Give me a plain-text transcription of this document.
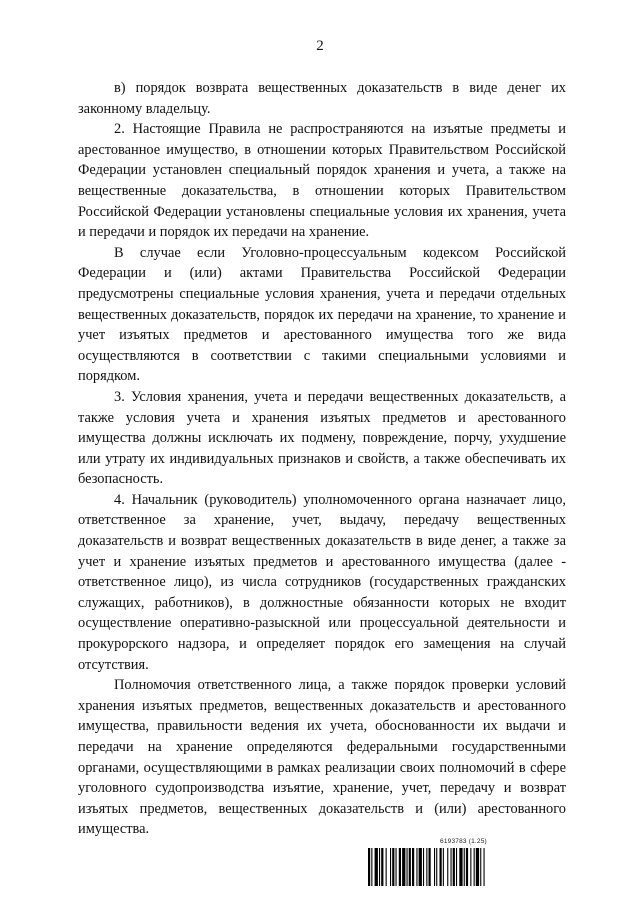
2

в) порядок возврата вещественных доказательств в виде денег их законному владельцу.

2. Настоящие Правила не распространяются на изъятые предметы и арестованное имущество, в отношении которых Правительством Российской Федерации установлен специальный порядок хранения и учета, а также на вещественные доказательства, в отношении которых Правительством Российской Федерации установлены специальные условия их хранения, учета и передачи и порядок их передачи на хранение.

В случае если Уголовно-процессуальным кодексом Российской Федерации и (или) актами Правительства Российской Федерации предусмотрены специальные условия хранения, учета и передачи отдельных вещественных доказательств, порядок их передачи на хранение, то хранение и учет изъятых предметов и арестованного имущества того же вида осуществляются в соответствии с такими специальными условиями и порядком.

3. Условия хранения, учета и передачи вещественных доказательств, а также условия учета и хранения изъятых предметов и арестованного имущества должны исключать их подмену, повреждение, порчу, ухудшение или утрату их индивидуальных признаков и свойств, а также обеспечивать их безопасность.

4. Начальник (руководитель) уполномоченного органа назначает лицо, ответственное за хранение, учет, выдачу, передачу вещественных доказательств и возврат вещественных доказательств в виде денег, а также за учет и хранение изъятых предметов и арестованного имущества (далее - ответственное лицо), из числа сотрудников (государственных гражданских служащих, работников), в должностные обязанности которых не входит осуществление оперативно-разыскной или процессуальной деятельности и прокурорского надзора, и определяет порядок его замещения на случай отсутствия.

Полномочия ответственного лица, а также порядок проверки условий хранения изъятых предметов, вещественных доказательств и арестованного имущества, правильности ведения их учета, обоснованности их выдачи и передачи на хранение определяются федеральными государственными органами, осуществляющими в рамках реализации своих полномочий в сфере уголовного судопроизводства изъятие, хранение, учет, передачу и возврат изъятых предметов, вещественных доказательств и (или) арестованного имущества.

6193783 (1.25)
